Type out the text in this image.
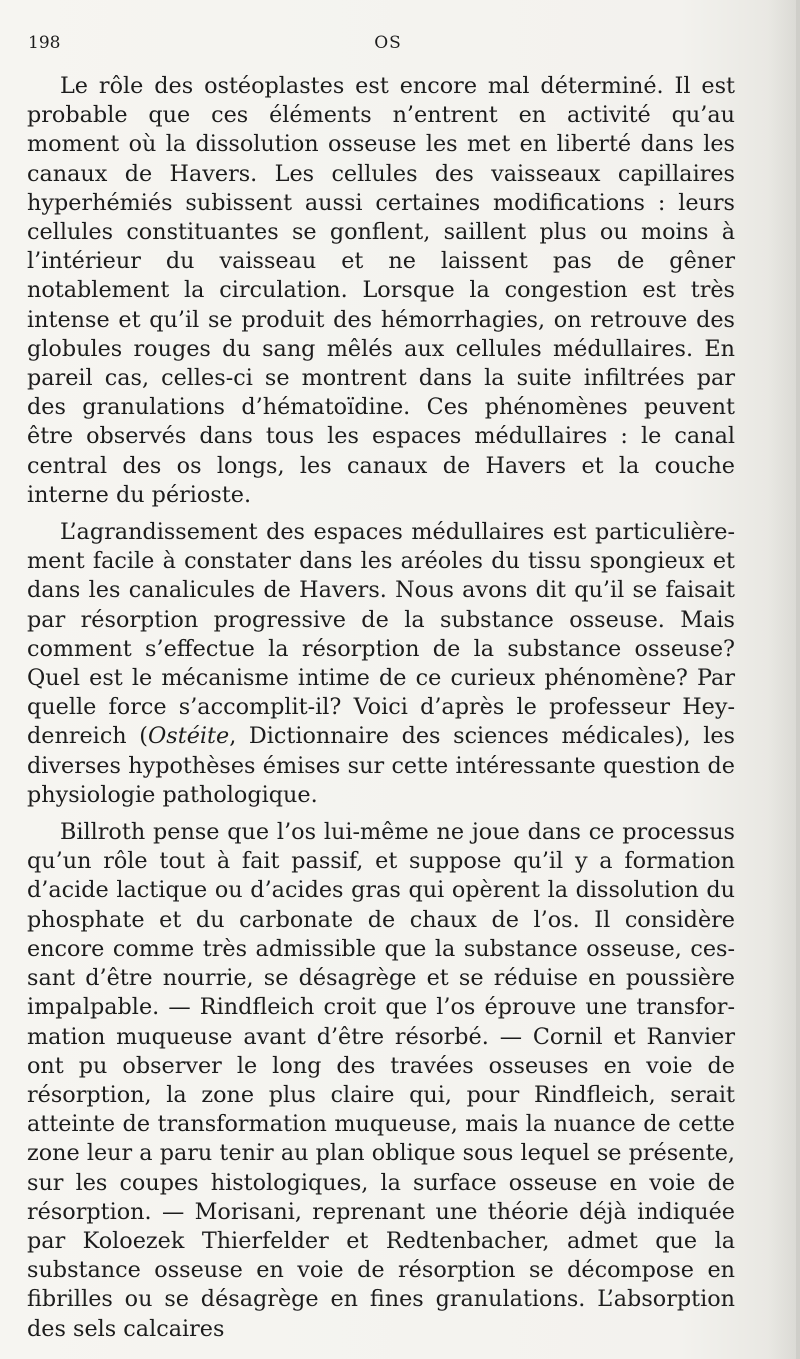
198	OS

Le rôle des ostéoplastes est encore mal déterminé. Il est probable que ces éléments n’entrent en activité qu’au moment où la dissolution osseuse les met en liberté dans les canaux de Havers. Les cellules des vaisseaux capillaires hyperhémiés subissent aussi certaines modifications : leurs cellules constituantes se gonflent, saillent plus ou moins à l’intérieur du vaisseau et ne laissent pas de gêner notablement la circulation. Lorsque la congestion est très intense et qu’il se produit des hémorrhagies, on retrouve des globules rouges du sang mêlés aux cellules médullaires. En pareil cas, celles-ci se montrent dans la suite infiltrées par des granulations d’hématoïdine. Ces phénomènes peuvent être observés dans tous les espaces médullaires : le canal central des os longs, les canaux de Havers et la couche interne du périoste.

L’agrandissement des espaces médullaires est particulièrement facile à constater dans les aréoles du tissu spongieux et dans les canalicules de Havers. Nous avons dit qu’il se faisait par résorption progressive de la substance osseuse. Mais comment s’effectue la résorption de la substance osseuse? Quel est le mécanisme intime de ce curieux phénomène? Par quelle force s’accomplit-il? Voici d’après le professeur Heydenreich (Ostéite, Dictionnaire des sciences médicales), les diverses hypothèses émises sur cette intéressante question de physiologie pathologique.

Billroth pense que l’os lui-même ne joue dans ce processus qu’un rôle tout à fait passif, et suppose qu’il y a formation d’acide lactique ou d’acides gras qui opèrent la dissolution du phosphate et du carbonate de chaux de l’os. Il considère encore comme très admissible que la substance osseuse, cessant d’être nourrie, se désagrège et se réduise en poussière impalpable. — Rindfleich croit que l’os éprouve une transformation muqueuse avant d’être résorbé. — Cornil et Ranvier ont pu observer le long des travées osseuses en voie de résorption, la zone plus claire qui, pour Rindfleich, serait atteinte de transformation muqueuse, mais la nuance de cette zone leur a paru tenir au plan oblique sous lequel se présente, sur les coupes histologiques, la surface osseuse en voie de résorption. — Morisani, reprenant une théorie déjà indiquée par Koloezek Thierfelder et Redtenbacher, admet que la substance osseuse en voie de résorption se décompose en fibrilles ou se désagrège en fines granulations. L’absorption des sels calcaires
